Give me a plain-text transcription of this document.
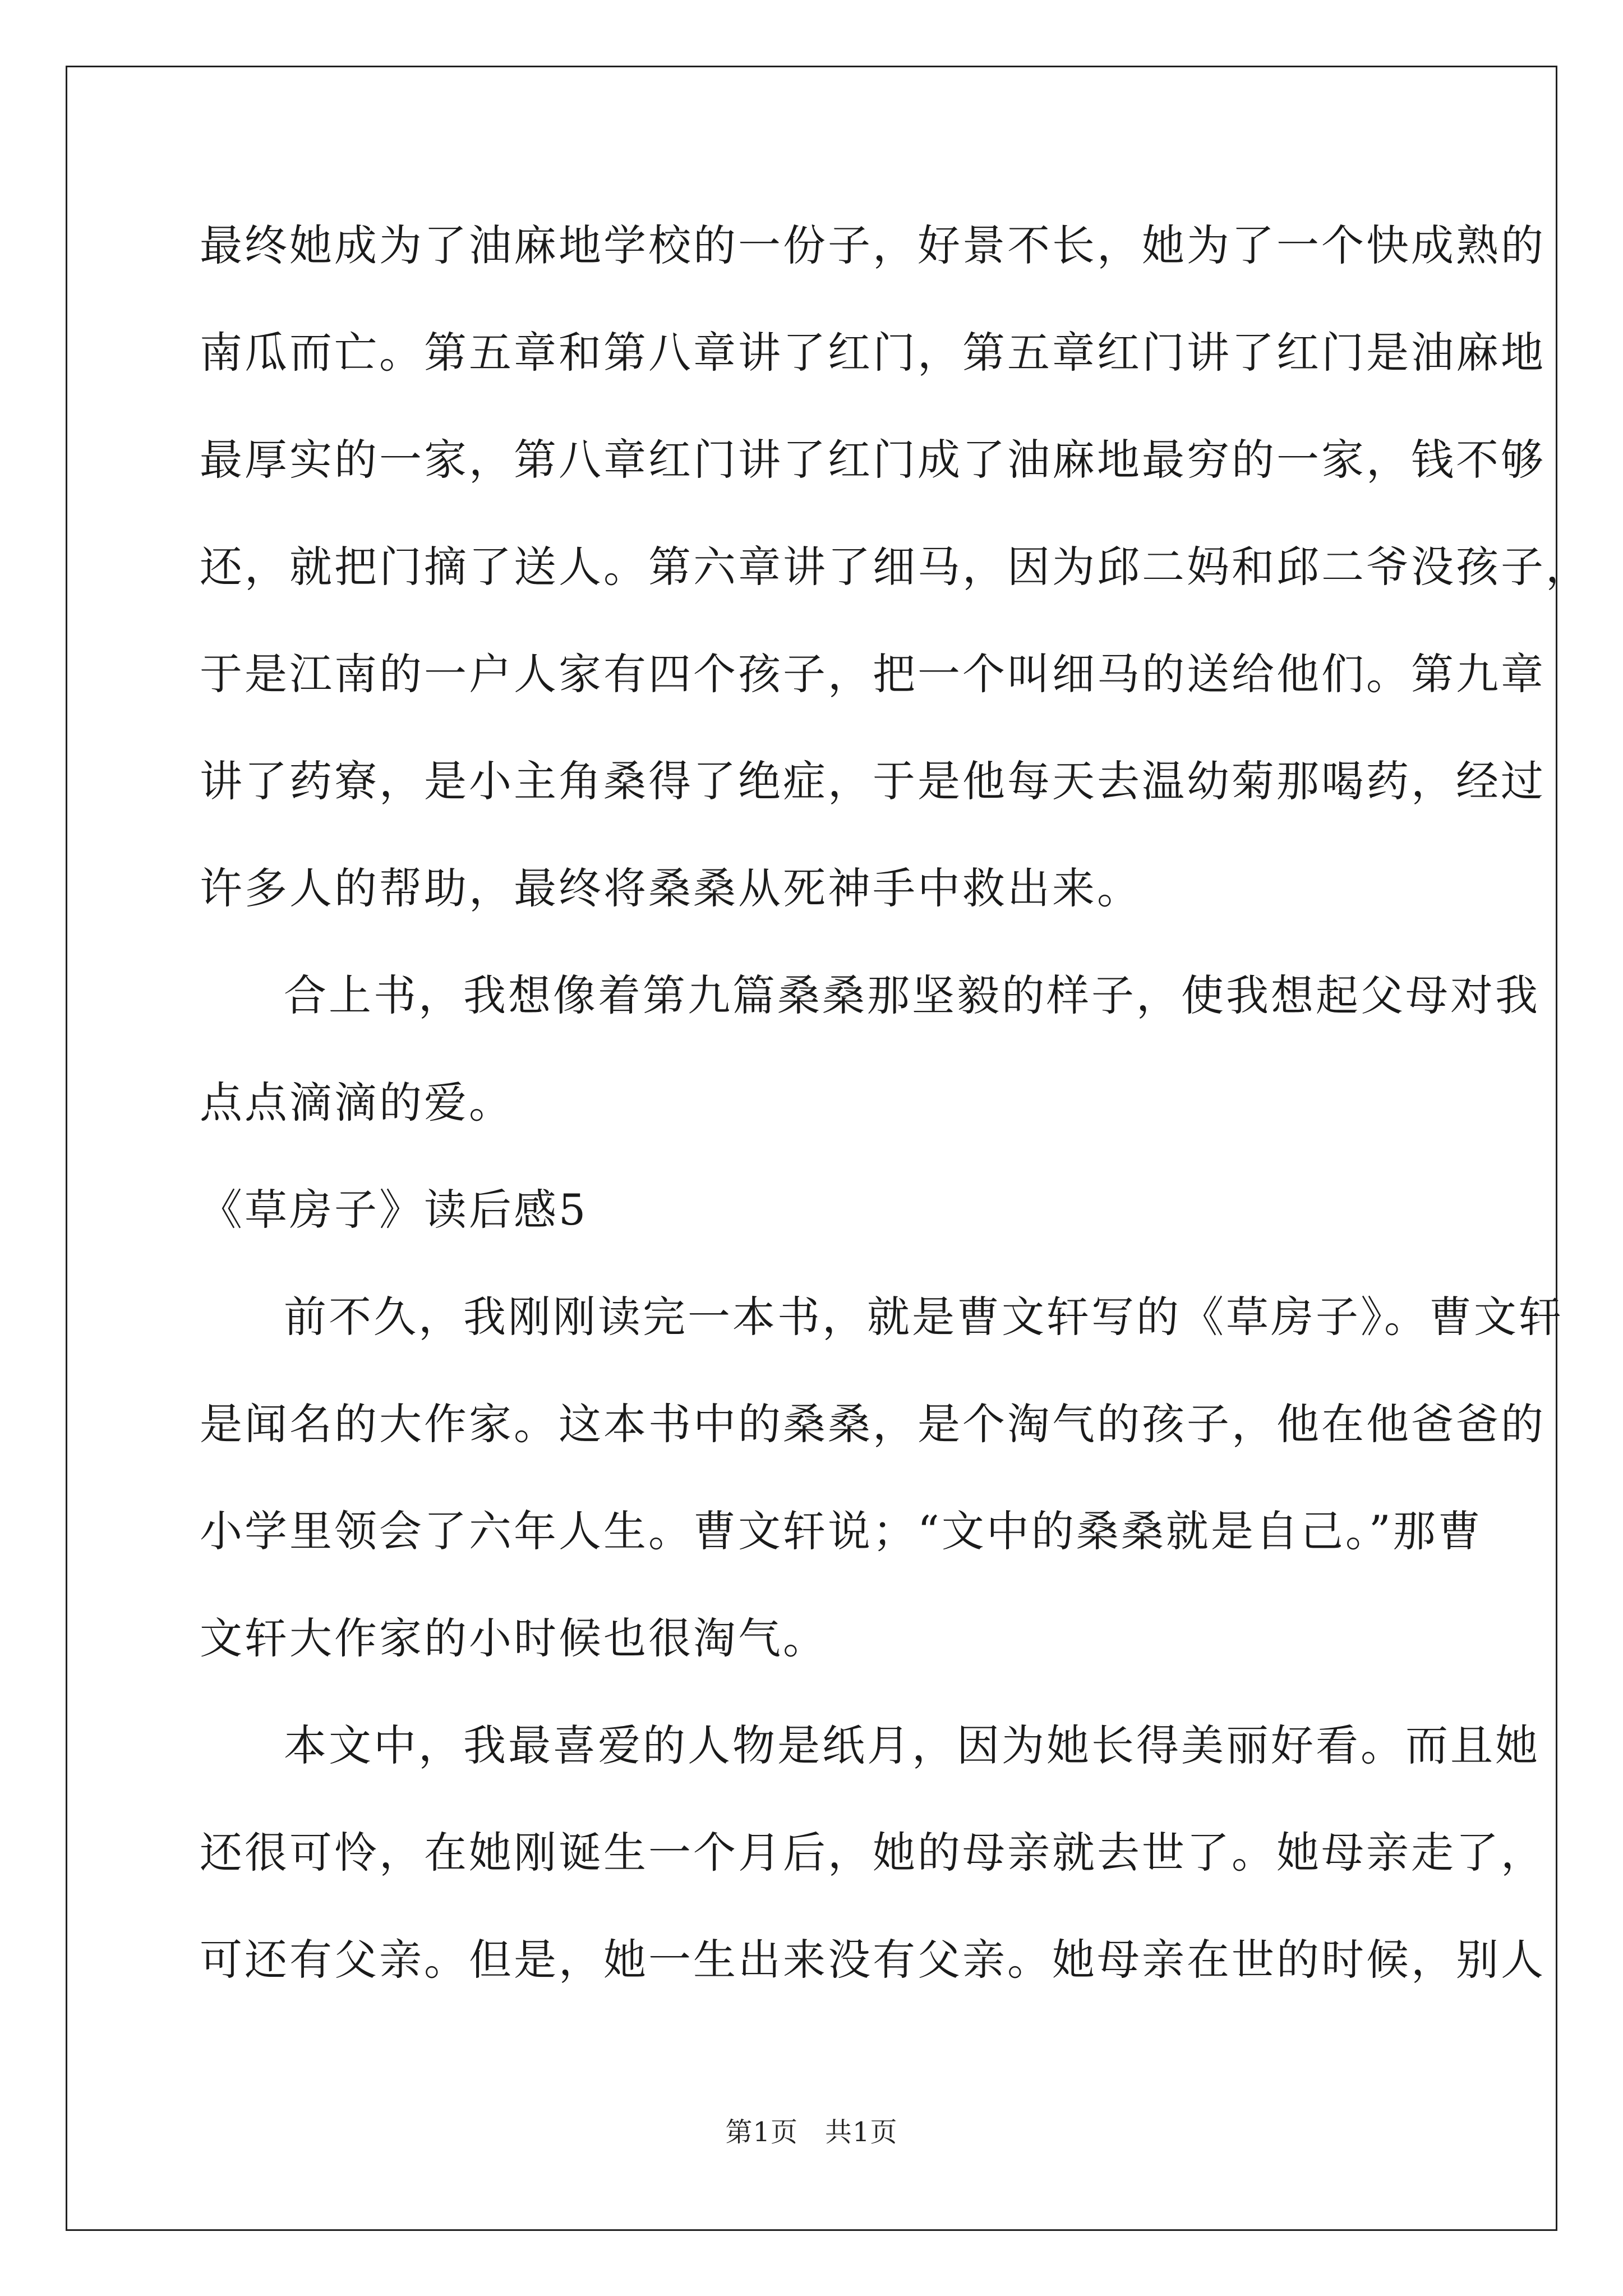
最终她成为了油麻地学校的一份子，好景不长，她为了一个快成熟的
南瓜而亡。第五章和第八章讲了红门，第五章红门讲了红门是油麻地
最厚实的一家，第八章红门讲了红门成了油麻地最穷的一家，钱不够
还，就把门摘了送人。第六章讲了细马，因为邱二妈和邱二爷没孩子，
于是江南的一户人家有四个孩子，把一个叫细马的送给他们。第九章
讲了药寮，是小主角桑得了绝症，于是他每天去温幼菊那喝药，经过
许多人的帮助，最终将桑桑从死神手中救出来。
合上书，我想像着第九篇桑桑那坚毅的样子，使我想起父母对我
点点滴滴的爱。
《草房子》读后感5
前不久，我刚刚读完一本书，就是曹文轩写的《草房子》。曹文轩
是闻名的大作家。这本书中的桑桑，是个淘气的孩子，他在他爸爸的
小学里领会了六年人生。曹文轩说；“文中的桑桑就是自己。”那曹
文轩大作家的小时候也很淘气。
本文中，我最喜爱的人物是纸月，因为她长得美丽好看。而且她
还很可怜，在她刚诞生一个月后，她的母亲就去世了。她母亲走了，
可还有父亲。但是，她一生出来没有父亲。她母亲在世的时候，别人
第1页 共1页
